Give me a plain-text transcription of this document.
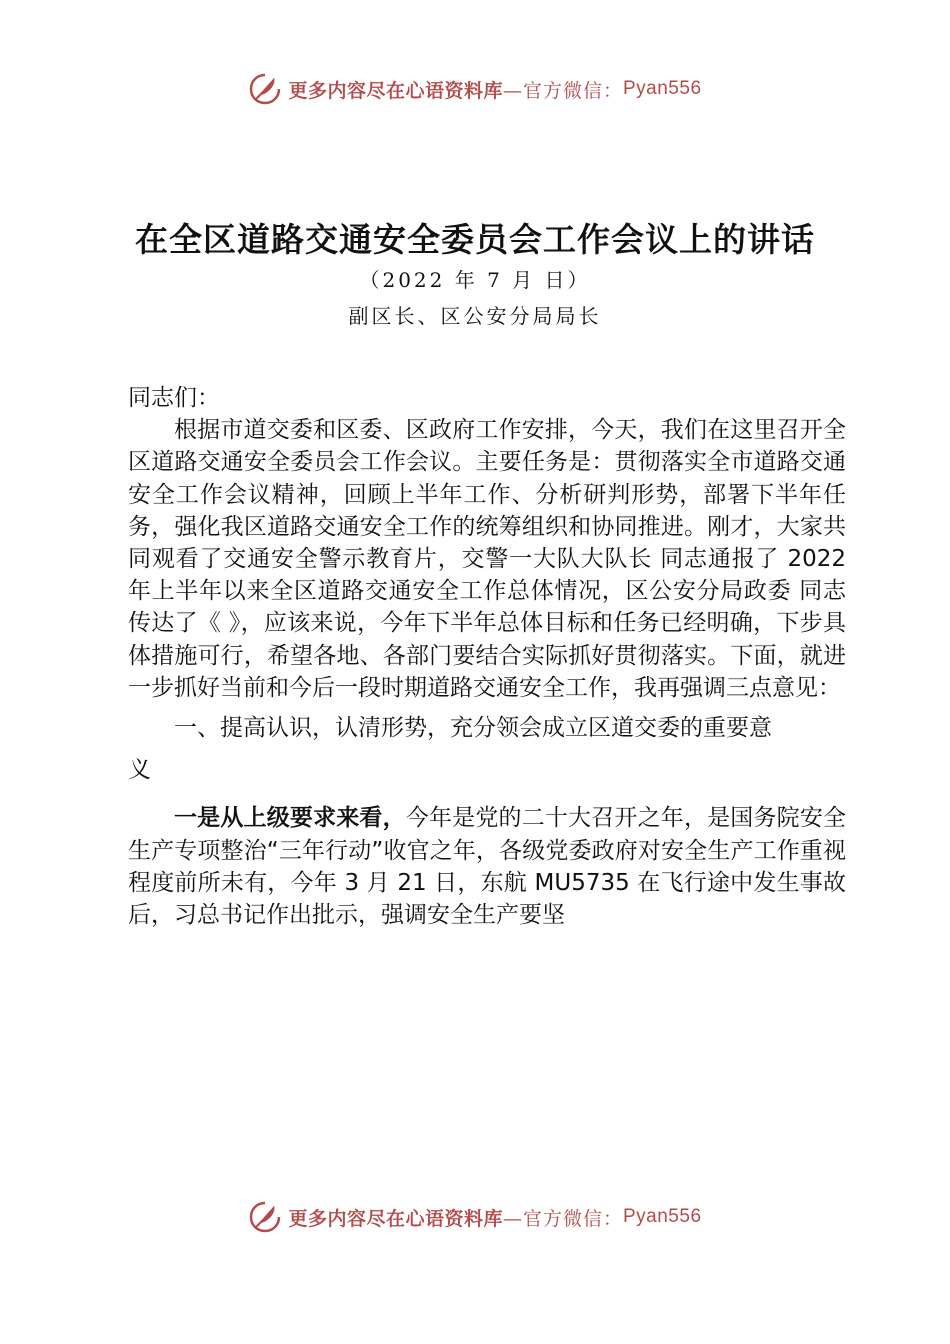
更多内容尽在心语资料库 —官方微信： Pyan556
在全区道路交通安全委员会工作会议上的讲话
（2022 年 7 月 日）
副区长、区公安分局局长

同志们：

根据市道交委和区委、区政府工作安排，今天，我们在这里召开全区道路交通安全委员会工作会议。主要任务是：贯彻落实全市道路交通安全工作会议精神，回顾上半年工作、分析研判形势，部署下半年任务，强化我区道路交通安全工作的统筹组织和协同推进。刚才，大家共同观看了交通安全警示教育片，交警一大队大队长 同志通报了 2022 年上半年以来全区道路交通安全工作总体情况，区公安分局政委 同志传达了《 》，应该来说，今年下半年总体目标和任务已经明确，下步具体措施可行，希望各地、各部门要结合实际抓好贯彻落实。下面，就进一步抓好当前和今后一段时期道路交通安全工作，我再强调三点意见：

一、提高认识，认清形势，充分领会成立区道交委的重要意

义

一是从上级要求来看，今年是党的二十大召开之年，是国务院安全生产专项整治“三年行动”收官之年，各级党委政府对安全生产工作重视程度前所未有，今年 3 月 21 日，东航 MU5735 在飞行途中发生事故后，习总书记作出批示，强调安全生产要坚

更多内容尽在心语资料库 —官方微信： Pyan556
